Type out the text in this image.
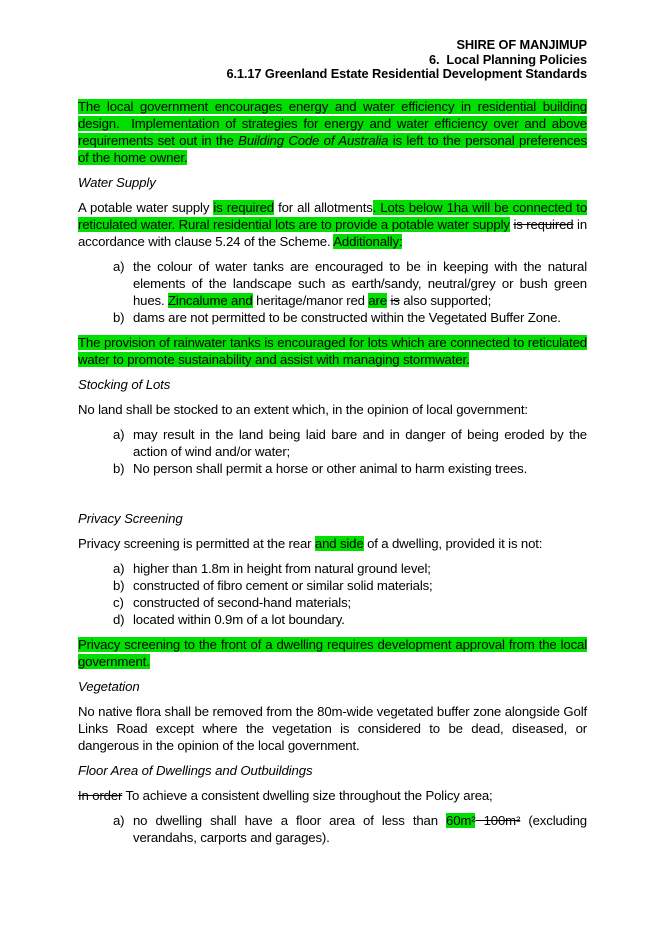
SHIRE OF MANJIMUP
6.  Local Planning Policies
6.1.17 Greenland Estate Residential Development Standards

The local government encourages energy and water efficiency in residential building design.  Implementation of strategies for energy and water efficiency over and above requirements set out in the Building Code of Australia is left to the personal preferences of the home owner.

Water Supply

A potable water supply is required for all allotments. Lots below 1ha will be connected to reticulated water. Rural residential lots are to provide a potable water supply is required in accordance with clause 5.24 of the Scheme. Additionally:

a) the colour of water tanks are encouraged to be in keeping with the natural elements of the landscape such as earth/sandy, neutral/grey or bush green hues. Zincalume and heritage/manor red are is also supported;
b) dams are not permitted to be constructed within the Vegetated Buffer Zone.

The provision of rainwater tanks is encouraged for lots which are connected to reticulated water to promote sustainability and assist with managing stormwater.

Stocking of Lots

No land shall be stocked to an extent which, in the opinion of local government:

a) may result in the land being laid bare and in danger of being eroded by the action of wind and/or water;
b) No person shall permit a horse or other animal to harm existing trees.
Privacy Screening

Privacy screening is permitted at the rear and side of a dwelling, provided it is not:

a) higher than 1.8m in height from natural ground level;
b) constructed of fibro cement or similar solid materials;
c) constructed of second-hand materials;
d) located within 0.9m of a lot boundary.

Privacy screening to the front of a dwelling requires development approval from the local government.

Vegetation

No native flora shall be removed from the 80m-wide vegetated buffer zone alongside Golf Links Road except where the vegetation is considered to be dead, diseased, or dangerous in the opinion of the local government.

Floor Area of Dwellings and Outbuildings

In order To achieve a consistent dwelling size throughout the Policy area;

a) no dwelling shall have a floor area of less than 60m² 100m² (excluding verandahs, carports and garages).
